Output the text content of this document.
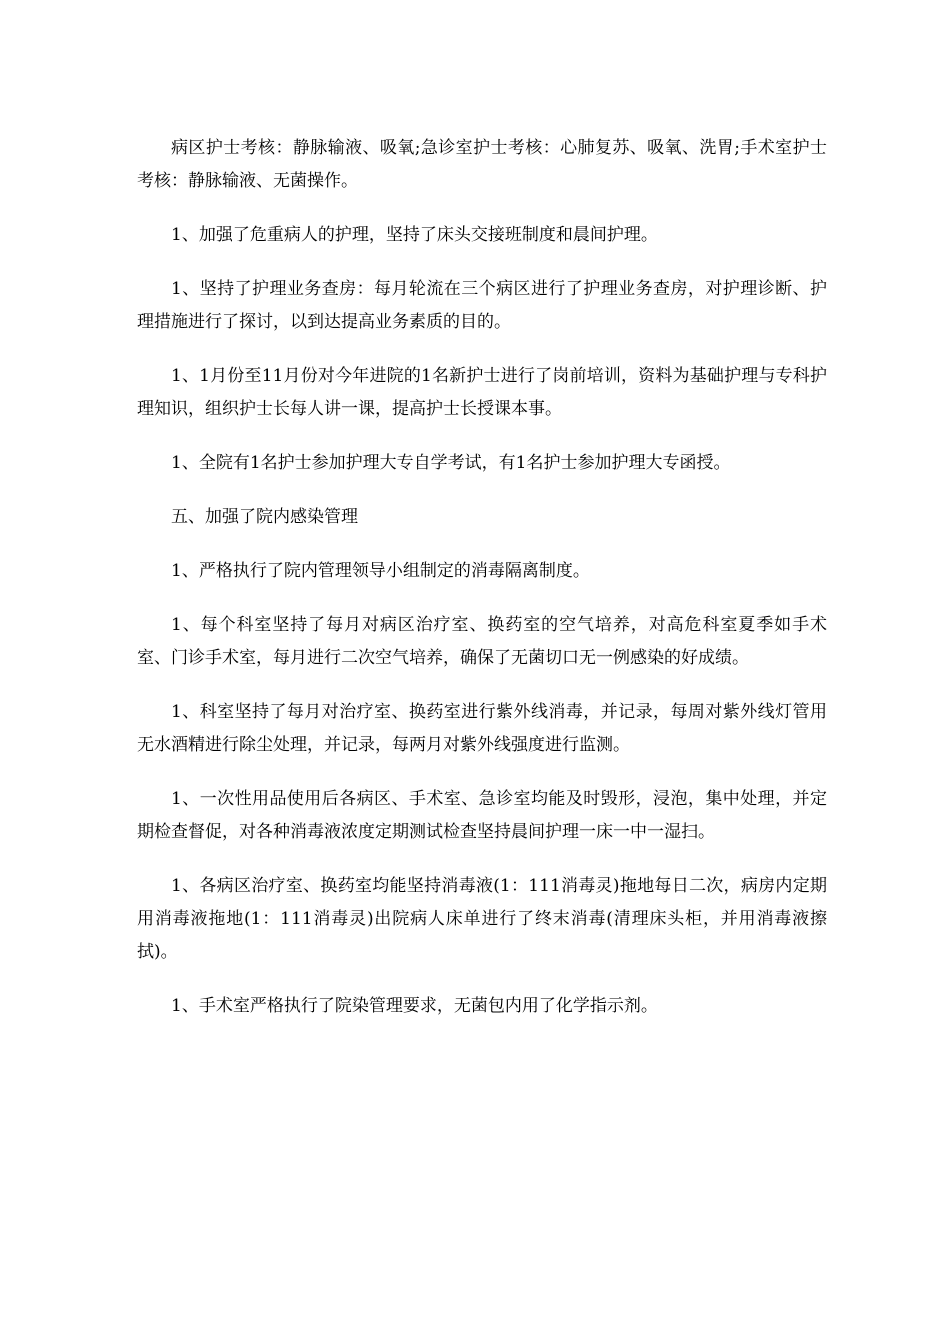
病区护士考核：静脉输液、吸氧;急诊室护士考核：心肺复苏、吸氧、洗胃;手术室护士考核：静脉输液、无菌操作。

1、加强了危重病人的护理，坚持了床头交接班制度和晨间护理。

1、坚持了护理业务查房：每月轮流在三个病区进行了护理业务查房，对护理诊断、护理措施进行了探讨，以到达提高业务素质的目的。

1、1月份至11月份对今年进院的1名新护士进行了岗前培训，资料为基础护理与专科护理知识，组织护士长每人讲一课，提高护士长授课本事。

1、全院有1名护士参加护理大专自学考试，有1名护士参加护理大专函授。

五、加强了院内感染管理

1、严格执行了院内管理领导小组制定的消毒隔离制度。

1、每个科室坚持了每月对病区治疗室、换药室的空气培养，对高危科室夏季如手术室、门诊手术室，每月进行二次空气培养，确保了无菌切口无一例感染的好成绩。

1、科室坚持了每月对治疗室、换药室进行紫外线消毒，并记录，每周对紫外线灯管用无水酒精进行除尘处理，并记录，每两月对紫外线强度进行监测。

1、一次性用品使用后各病区、手术室、急诊室均能及时毁形，浸泡，集中处理，并定期检查督促，对各种消毒液浓度定期测试检查坚持晨间护理一床一中一湿扫。

1、各病区治疗室、换药室均能坚持消毒液(1：111消毒灵)拖地每日二次，病房内定期用消毒液拖地(1：111消毒灵)出院病人床单进行了终末消毒(清理床头柜，并用消毒液擦拭)。

1、手术室严格执行了院染管理要求，无菌包内用了化学指示剂。
